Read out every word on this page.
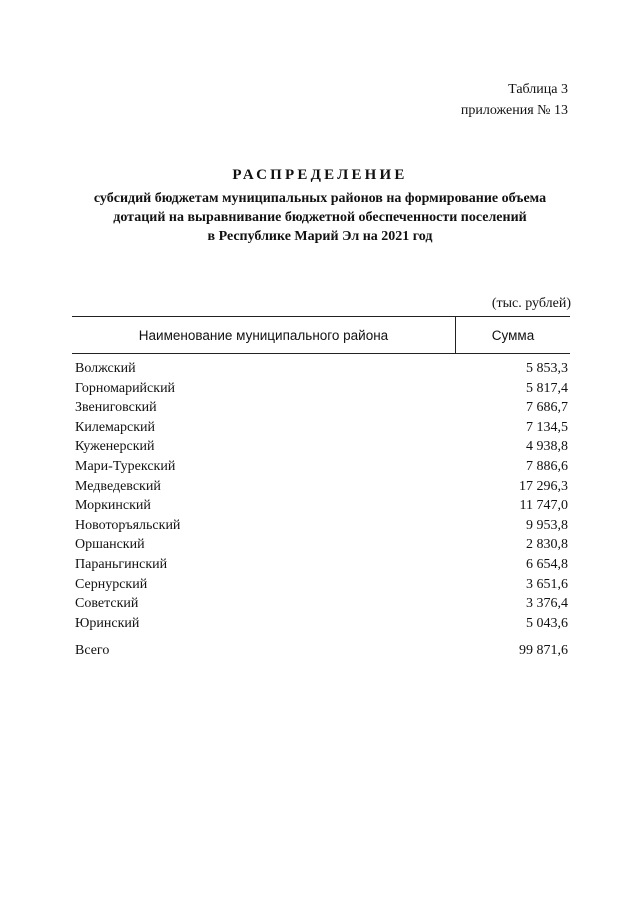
Таблица 3
приложения № 13
РАСПРЕДЕЛЕНИЕ
субсидий бюджетам муниципальных районов на формирование объема
дотаций на выравнивание бюджетной обеспеченности поселений
в Республике Марий Эл на 2021 год
(тыс. рублей)
Наименование муниципального района	Сумма
Волжский	5 853,3
Горномарийский	5 817,4
Звениговский	7 686,7
Килемарский	7 134,5
Куженерский	4 938,8
Мари-Турекский	7 886,6
Медведевский	17 296,3
Моркинский	11 747,0
Новоторъяльский	9 953,8
Оршанский	2 830,8
Параньгинский	6 654,8
Сернурский	3 651,6
Советский	3 376,4
Юринский	5 043,6
Всего	99 871,6
